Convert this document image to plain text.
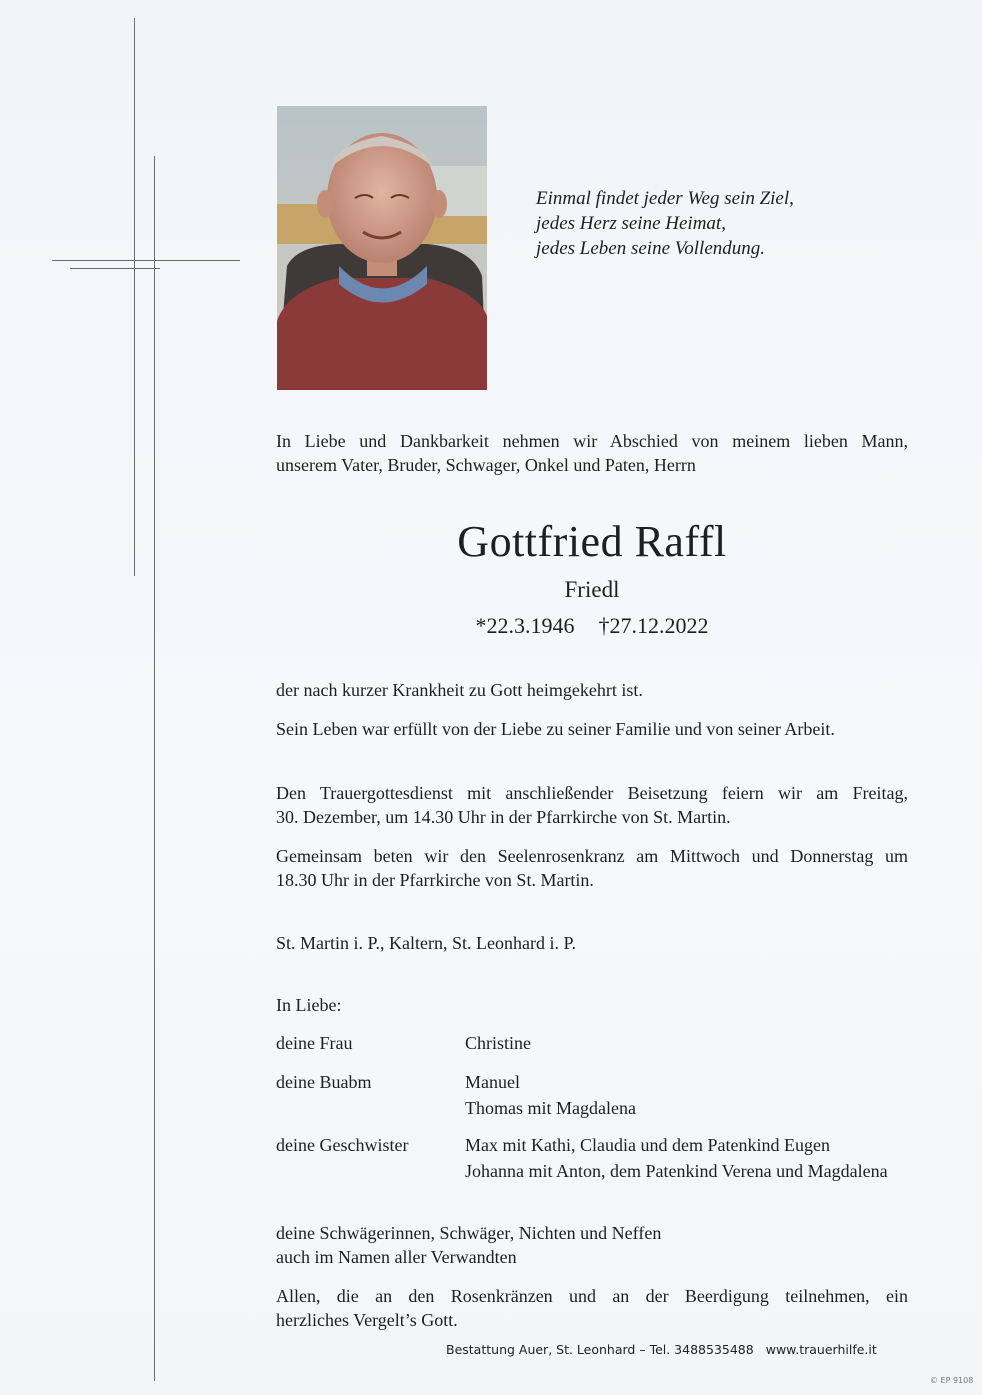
Einmal findet jeder Weg sein Ziel,
jedes Herz seine Heimat,
jedes Leben seine Vollendung.
In Liebe und Dankbarkeit nehmen wir Abschied von meinem lieben Mann,
unserem Vater, Bruder, Schwager, Onkel und Paten, Herrn
Gottfried Raffl
Friedl
*22.3.1946 †27.12.2022
der nach kurzer Krankheit zu Gott heimgekehrt ist.
Sein Leben war erfüllt von der Liebe zu seiner Familie und von seiner Arbeit.
Den Trauergottesdienst mit anschließender Beisetzung feiern wir am Freitag,
30. Dezember, um 14.30 Uhr in der Pfarrkirche von St. Martin.
Gemeinsam beten wir den Seelenrosenkranz am Mittwoch und Donnerstag um
18.30 Uhr in der Pfarrkirche von St. Martin.
St. Martin i. P., Kaltern, St. Leonhard i. P.
In Liebe:
deine Frau	Christine
deine Buabm	Manuel
Thomas mit Magdalena
deine Geschwister	Max mit Kathi, Claudia und dem Patenkind Eugen
Johanna mit Anton, dem Patenkind Verena und Magdalena
deine Schwägerinnen, Schwäger, Nichten und Neffen
auch im Namen aller Verwandten
Allen, die an den Rosenkränzen und an der Beerdigung teilnehmen, ein
herzliches Vergelt’s Gott.
Bestattung Auer, St. Leonhard – Tel. 3488535488 www.trauerhilfe.it
© EP 9108
